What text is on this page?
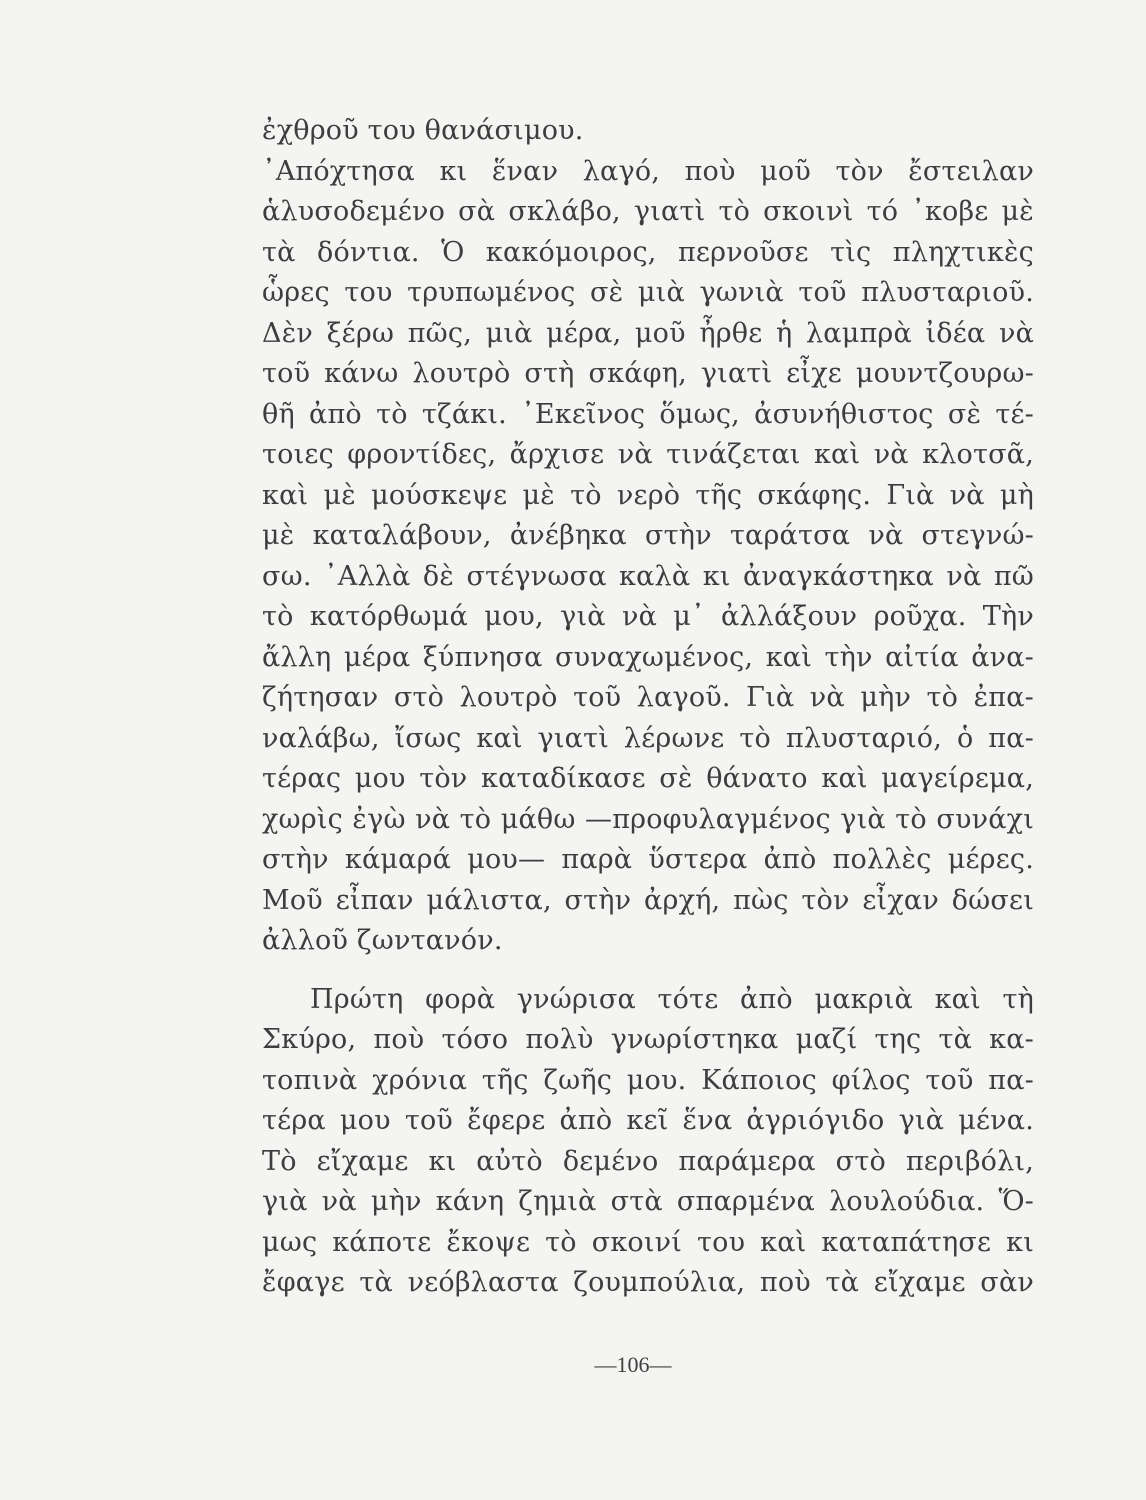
ἐχθροῦ του θανάσιμου.
᾿Απόχτησα κι ἕναν λαγό, ποὺ μοῦ τὸν ἔστειλαν
ἁλυσοδεμένο σὰ σκλάβο, γιατὶ τὸ σκοινὶ τό ᾿κοβε μὲ
τὰ δόντια. Ὁ κακόμοιρος, περνοῦσε τὶς πληχτικὲς
ὧρες του τρυπωμένος σὲ μιὰ γωνιὰ τοῦ πλυσταριοῦ.
Δὲν ξέρω πῶς, μιὰ μέρα, μοῦ ἦρθε ἡ λαμπρὰ ἰδέα νὰ
τοῦ κάνω λουτρὸ στὴ σκάφη, γιατὶ εἶχε μουντζουρω-
θῆ ἀπὸ τὸ τζάκι. ᾿Εκεῖνος ὅμως, ἀσυνήθιστος σὲ τέ-
τοιες φροντίδες, ἄρχισε νὰ τινάζεται καὶ νὰ κλοτσᾶ,
καὶ μὲ μούσκεψε μὲ τὸ νερὸ τῆς σκάφης. Γιὰ νὰ μὴ
μὲ καταλάβουν, ἀνέβηκα στὴν ταράτσα νὰ στεγνώ-
σω. ᾿Αλλὰ δὲ στέγνωσα καλὰ κι ἀναγκάστηκα νὰ πῶ
τὸ κατόρθωμά μου, γιὰ νὰ μ᾿ ἀλλάξουν ροῦχα. Τὴν
ἄλλη μέρα ξύπνησα συναχωμένος, καὶ τὴν αἰτία ἀνα-
ζήτησαν στὸ λουτρὸ τοῦ λαγοῦ. Γιὰ νὰ μὴν τὸ ἐπα-
ναλάβω, ἴσως καὶ γιατὶ λέρωνε τὸ πλυσταριό, ὁ πα-
τέρας μου τὸν καταδίκασε σὲ θάνατο καὶ μαγείρεμα,
χωρὶς ἐγὼ νὰ τὸ μάθω —προφυλαγμένος γιὰ τὸ συνάχι
στὴν κάμαρά μου— παρὰ ὕστερα ἀπὸ πολλὲς μέρες.
Μοῦ εἶπαν μάλιστα, στὴν ἀρχή, πὼς τὸν εἶχαν δώσει
ἀλλοῦ ζωντανόν.
Πρώτη φορὰ γνώρισα τότε ἀπὸ μακριὰ καὶ τὴ
Σκύρο, ποὺ τόσο πολὺ γνωρίστηκα μαζί της τὰ κα-
τοπινὰ χρόνια τῆς ζωῆς μου. Κάποιος φίλος τοῦ πα-
τέρα μου τοῦ ἔφερε ἀπὸ κεῖ ἕνα ἀγριόγιδο γιὰ μένα.
Τὸ εἴχαμε κι αὐτὸ δεμένο παράμερα στὸ περιβόλι,
γιὰ νὰ μὴν κάνη ζημιὰ στὰ σπαρμένα λουλούδια. Ὅ-
μως κάποτε ἔκοψε τὸ σκοινί του καὶ καταπάτησε κι
ἔφαγε τὰ νεόβλαστα ζουμπούλια, ποὺ τὰ εἴχαμε σὰν
—106—
